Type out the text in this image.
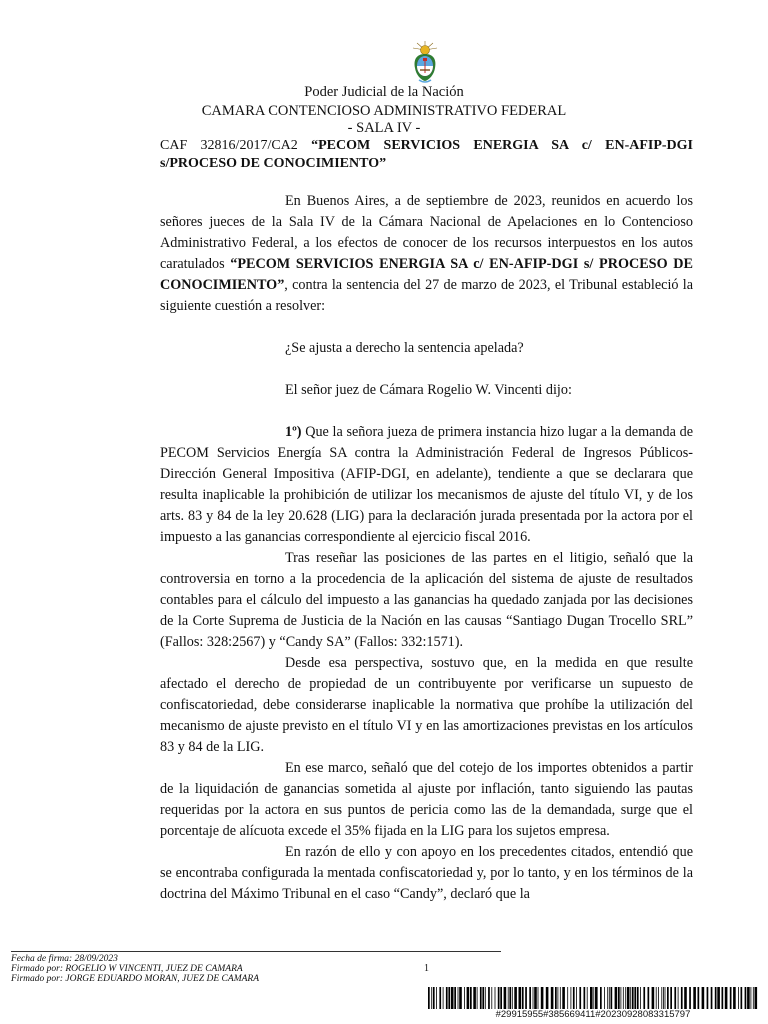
Poder Judicial de la Nación
CAMARA CONTENCIOSO ADMINISTRATIVO FEDERAL
- SALA IV -
CAF 32816/2017/CA2 “PECOM SERVICIOS ENERGIA SA c/ EN-AFIP-DGI s/PROCESO DE CONOCIMIENTO”

En Buenos Aires, a de septiembre de 2023, reunidos en acuerdo los señores jueces de la Sala IV de la Cámara Nacional de Apelaciones en lo Contencioso Administrativo Federal, a los efectos de conocer de los recursos interpuestos en los autos caratulados “PECOM SERVICIOS ENERGIA SA c/ EN-AFIP-DGI s/ PROCESO DE CONOCIMIENTO”, contra la sentencia del 27 de marzo de 2023, el Tribunal estableció la siguiente cuestión a resolver:

¿Se ajusta a derecho la sentencia apelada?

El señor juez de Cámara Rogelio W. Vincenti dijo:

1º) Que la señora jueza de primera instancia hizo lugar a la demanda de PECOM Servicios Energía SA contra la Administración Federal de Ingresos Públicos-Dirección General Impositiva (AFIP-DGI, en adelante), tendiente a que se declarara que resulta inaplicable la prohibición de utilizar los mecanismos de ajuste del título VI, y de los arts. 83 y 84 de la ley 20.628 (LIG) para la declaración jurada presentada por la actora por el impuesto a las ganancias correspondiente al ejercicio fiscal 2016.

Tras reseñar las posiciones de las partes en el litigio, señaló que la controversia en torno a la procedencia de la aplicación del sistema de ajuste de resultados contables para el cálculo del impuesto a las ganancias ha quedado zanjada por las decisiones de la Corte Suprema de Justicia de la Nación en las causas “Santiago Dugan Trocello SRL” (Fallos: 328:2567) y “Candy SA” (Fallos: 332:1571).

Desde esa perspectiva, sostuvo que, en la medida en que resulte afectado el derecho de propiedad de un contribuyente por verificarse un supuesto de confiscatoriedad, debe considerarse inaplicable la normativa que prohíbe la utilización del mecanismo de ajuste previsto en el título VI y en las amortizaciones previstas en los artículos 83 y 84 de la LIG.

En ese marco, señaló que del cotejo de los importes obtenidos a partir de la liquidación de ganancias sometida al ajuste por inflación, tanto siguiendo las pautas requeridas por la actora en sus puntos de pericia como las de la demandada, surge que el porcentaje de alícuota excede el 35% fijada en la LIG para los sujetos empresa.

En razón de ello y con apoyo en los precedentes citados, entendió que se encontraba configurada la mentada confiscatoriedad y, por lo tanto, y en los términos de la doctrina del Máximo Tribunal en el caso “Candy”, declaró que la

Fecha de firma: 28/09/2023
Firmado por: ROGELIO W VINCENTI, JUEZ DE CAMARA
Firmado por: JORGE EDUARDO MORAN, JUEZ DE CAMARA
1
#29915955#385669411#20230928083315797
